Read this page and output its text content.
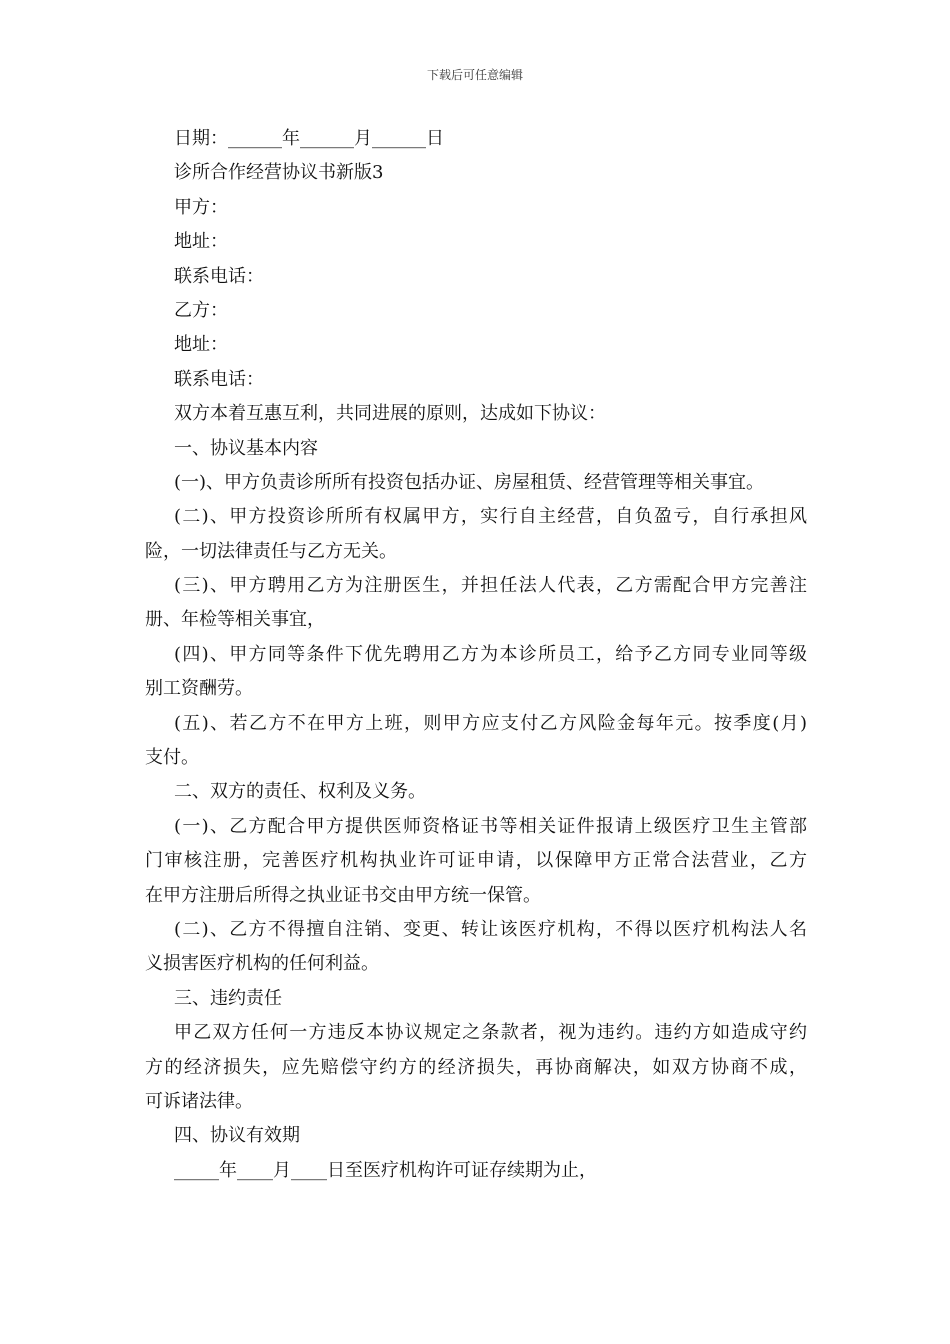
下载后可任意编辑
日期：______年______月______日
诊所合作经营协议书新版3
甲方：
地址：
联系电话：
乙方：
地址：
联系电话：
双方本着互惠互利，共同进展的原则，达成如下协议：
一、协议基本内容
(一)、甲方负责诊所所有投资包括办证、房屋租赁、经营管理等相关事宜。
(二)、甲方投资诊所所有权属甲方，实行自主经营，自负盈亏，自行承担风
险，一切法律责任与乙方无关。
(三)、甲方聘用乙方为注册医生，并担任法人代表，乙方需配合甲方完善注
册、年检等相关事宜，
(四)、甲方同等条件下优先聘用乙方为本诊所员工，给予乙方同专业同等级
别工资酬劳。
(五)、若乙方不在甲方上班，则甲方应支付乙方风险金每年元。按季度(月)
支付。
二、双方的责任、权利及义务。
(一)、乙方配合甲方提供医师资格证书等相关证件报请上级医疗卫生主管部
门审核注册，完善医疗机构执业许可证申请，以保障甲方正常合法营业，乙方
在甲方注册后所得之执业证书交由甲方统一保管。
(二)、乙方不得擅自注销、变更、转让该医疗机构，不得以医疗机构法人名
义损害医疗机构的任何利益。
三、违约责任
甲乙双方任何一方违反本协议规定之条款者，视为违约。违约方如造成守约
方的经济损失，应先赔偿守约方的经济损失，再协商解决，如双方协商不成，
可诉诸法律。
四、协议有效期
_____年____月____日至医疗机构许可证存续期为止，
